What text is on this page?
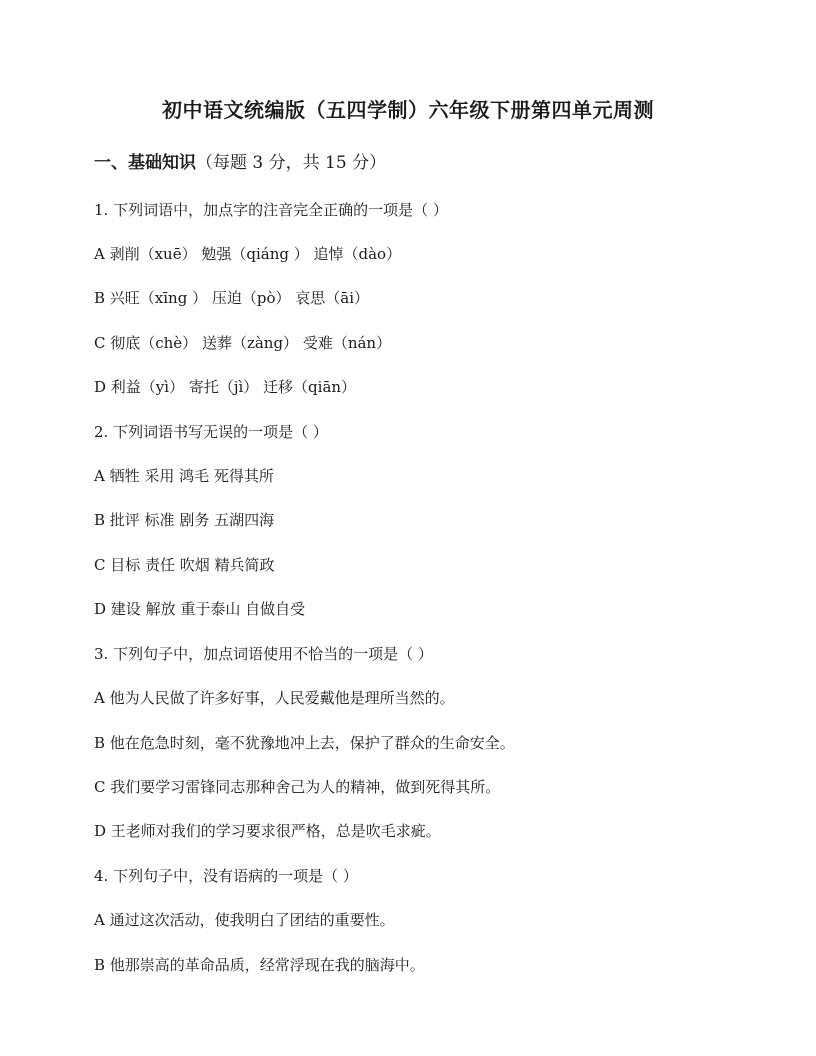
初中语文统编版（五四学制）六年级下册第四单元周测
一、基础知识（每题 3 分，共 15 分）
1. 下列词语中，加点字的注音完全正确的一项是（ ）
A 剥削（xuē） 勉强（qiáng ） 追悼（dào）
B 兴旺（xīng ） 压迫（pò） 哀思（āi）
C 彻底（chè） 送葬（zàng） 受难（nán）
D 利益（yì） 寄托（jì） 迁移（qiān）
2. 下列词语书写无误的一项是（ ）
A 牺牲 采用 鸿毛 死得其所
B 批评 标准 剧务 五湖四海
C 目标 责任 吹烟 精兵简政
D 建设 解放 重于泰山 自做自受
3. 下列句子中，加点词语使用不恰当的一项是（ ）
A 他为人民做了许多好事，人民爱戴他是理所当然的。
B 他在危急时刻，毫不犹豫地冲上去，保护了群众的生命安全。
C 我们要学习雷锋同志那种舍己为人的精神，做到死得其所。
D 王老师对我们的学习要求很严格，总是吹毛求疵。
4. 下列句子中，没有语病的一项是（ ）
A 通过这次活动，使我明白了团结的重要性。
B 他那崇高的革命品质，经常浮现在我的脑海中。
